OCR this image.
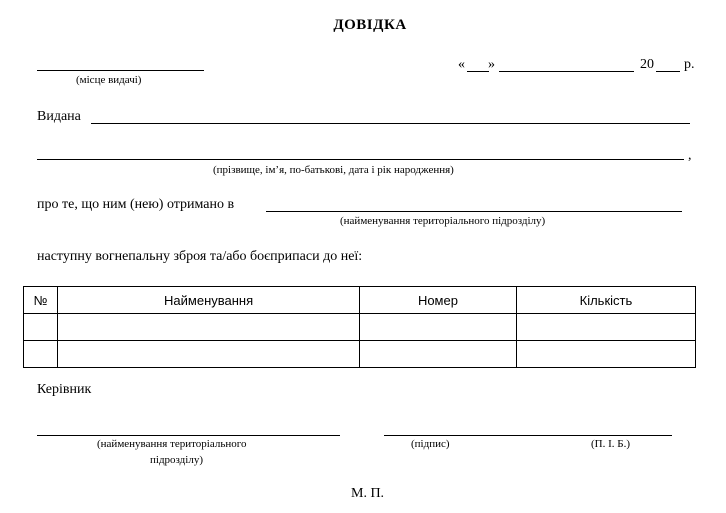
ДОВІДКА
(місце видачі)
« »	20 р.
Видана
,
(прізвище, ім’я, по-батькові, дата і рік народження)
про те, що ним (нею) отримано в
(найменування територіального підрозділу)
наступну вогнепальну зброя та/або боєприпаси до неї:
№	Найменування	Номер	Кількість

Керівник
(найменування територіального
підрозділу)
(підпис)	(П. І. Б.)
М. П.
